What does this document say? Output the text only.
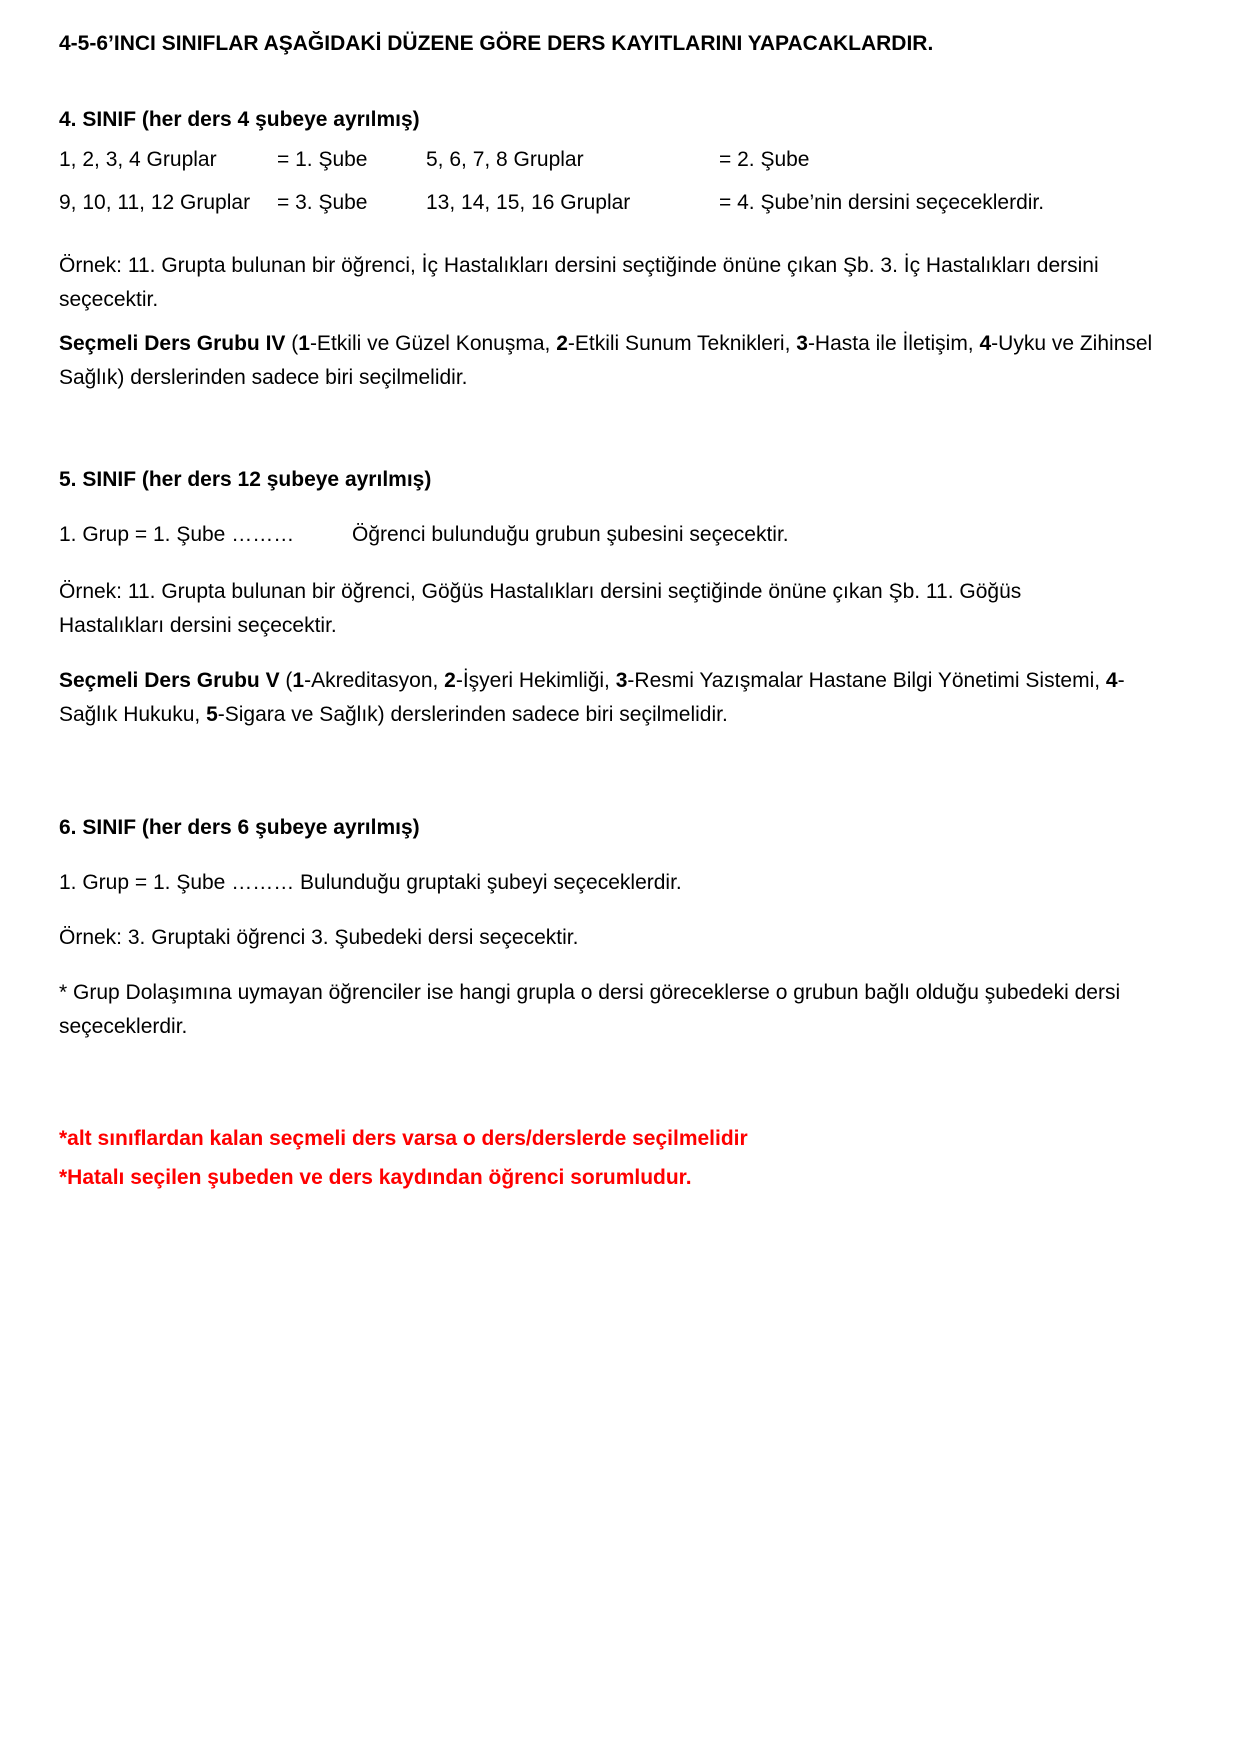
4-5-6’INCI SINIFLAR AŞAĞIDAKİ DÜZENE GÖRE DERS KAYITLARINI YAPACAKLARDIR.
4. SINIF (her ders 4 şubeye ayrılmış)
1, 2, 3, 4 Gruplar	= 1. Şube	5, 6, 7, 8 Gruplar	= 2. Şube
9, 10, 11, 12 Gruplar = 3. Şube	13, 14, 15, 16 Gruplar	= 4. Şube’nin dersini seçeceklerdir.
Örnek: 11. Grupta bulunan bir öğrenci, İç Hastalıkları dersini seçtiğinde önüne çıkan Şb. 3. İç Hastalıkları dersini
seçecektir.
Seçmeli Ders Grubu IV (1-Etkili ve Güzel Konuşma, 2-Etkili Sunum Teknikleri, 3-Hasta ile İletişim, 4-Uyku ve Zihinsel
Sağlık) derslerinden sadece biri seçilmelidir.
5. SINIF (her ders 12 şubeye ayrılmış)
1. Grup = 1. Şube ………	Öğrenci bulunduğu grubun şubesini seçecektir.
Örnek: 11. Grupta bulunan bir öğrenci, Göğüs Hastalıkları dersini seçtiğinde önüne çıkan Şb. 11. Göğüs
Hastalıkları dersini seçecektir.
Seçmeli Ders Grubu V (1-Akreditasyon, 2-İşyeri Hekimliği, 3-Resmi Yazışmalar Hastane Bilgi Yönetimi Sistemi, 4-
Sağlık Hukuku, 5-Sigara ve Sağlık) derslerinden sadece biri seçilmelidir.
6. SINIF (her ders 6 şubeye ayrılmış)
1. Grup = 1. Şube ……… Bulunduğu gruptaki şubeyi seçeceklerdir.
Örnek: 3. Gruptaki öğrenci 3. Şubedeki dersi seçecektir.
* Grup Dolaşımına uymayan öğrenciler ise hangi grupla o dersi göreceklerse o grubun bağlı olduğu şubedeki dersi
seçeceklerdir.
*alt sınıflardan kalan seçmeli ders varsa o ders/derslerde seçilmelidir
*Hatalı seçilen şubeden ve ders kaydından öğrenci sorumludur.
